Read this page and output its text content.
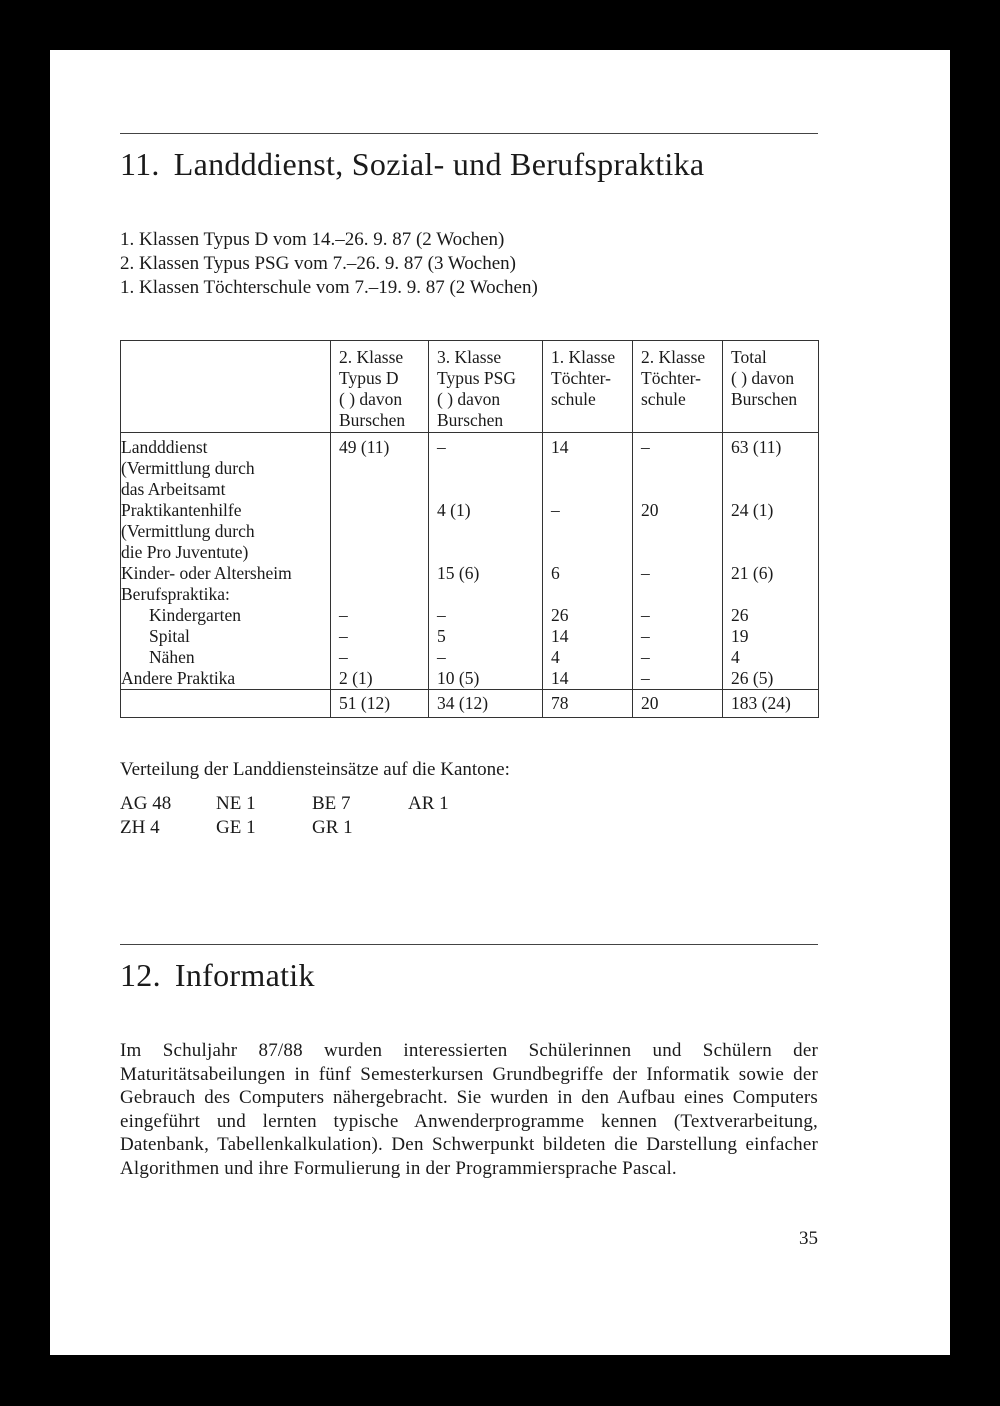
11. Landddienst, Sozial- und Berufspraktika
1. Klassen Typus D vom 14.–26. 9. 87 (2 Wochen)
2. Klassen Typus PSG vom 7.–26. 9. 87 (3 Wochen)
1. Klassen Töchterschule vom 7.–19. 9. 87 (2 Wochen)
	2. Klasse
Typus D
( ) davon
Burschen	3. Klasse
Typus PSG
( ) davon
Burschen	1. Klasse
Töchter-
schule	2. Klasse
Töchter-
schule	Total
( ) davon
Burschen
Landddienst
(Vermittlung durch
das Arbeitsamt	49 (11)	–	14	–	63 (11)
Praktikantenhilfe
(Vermittlung durch
die Pro Juventute)		4 (1)	–	20	24 (1)
Kinder- oder Altersheim		15 (6)	6	–	21 (6)
Berufspraktika:					
Kindergarten	–	–	26	–	26
Spital	–	5	14	–	19
Nähen	–	–	4	–	4
Andere Praktika	2 (1)	10 (5)	14	–	26 (5)
	51 (12)	34 (12)	78	20	183 (24)
Verteilung der Landdiensteinsätze auf die Kantone:
AG 48	NE 1	BE 7	AR 1
ZH 4	GE 1	GR 1
12. Informatik
Im Schuljahr 87/88 wurden interessierten Schülerinnen und Schülern der Maturitätsabeilungen in fünf Semesterkursen Grundbegriffe der Informatik sowie der Gebrauch des Computers nähergebracht. Sie wurden in den Aufbau eines Computers eingeführt und lernten typische Anwenderprogramme kennen (Textverarbeitung, Datenbank, Tabellenkalkulation). Den Schwerpunkt bildeten die Darstellung einfacher Algorithmen und ihre Formulierung in der Programmiersprache Pascal.
35
